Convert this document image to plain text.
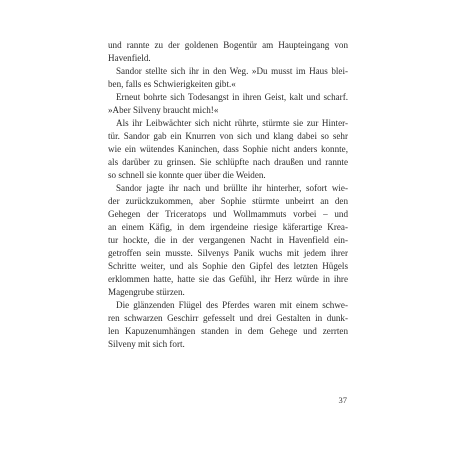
und rannte zu der goldenen Bogentür am Haupteingang von
Havenfield.
Sandor stellte sich ihr in den Weg. »Du musst im Haus blei-
ben, falls es Schwierigkeiten gibt.«
Erneut bohrte sich Todesangst in ihren Geist, kalt und scharf.
»Aber Silveny braucht mich!«
Als ihr Leibwächter sich nicht rührte, stürmte sie zur Hinter-
tür. Sandor gab ein Knurren von sich und klang dabei so sehr
wie ein wütendes Kaninchen, dass Sophie nicht anders konnte,
als darüber zu grinsen. Sie schlüpfte nach draußen und rannte
so schnell sie konnte quer über die Weiden.
Sandor jagte ihr nach und brüllte ihr hinterher, sofort wie-
der zurückzukommen, aber Sophie stürmte unbeirrt an den
Gehegen der Triceratops und Wollmammuts vorbei – und
an einem Käfig, in dem irgendeine riesige käferartige Krea-
tur hockte, die in der vergangenen Nacht in Havenfield ein-
getroffen sein musste. Silvenys Panik wuchs mit jedem ihrer
Schritte weiter, und als Sophie den Gipfel des letzten Hügels
erklommen hatte, hatte sie das Gefühl, ihr Herz würde in ihre
Magengrube stürzen.
Die glänzenden Flügel des Pferdes waren mit einem schwe-
ren schwarzen Geschirr gefesselt und drei Gestalten in dunk-
len Kapuzenumhängen standen in dem Gehege und zerrten
Silveny mit sich fort.
37
